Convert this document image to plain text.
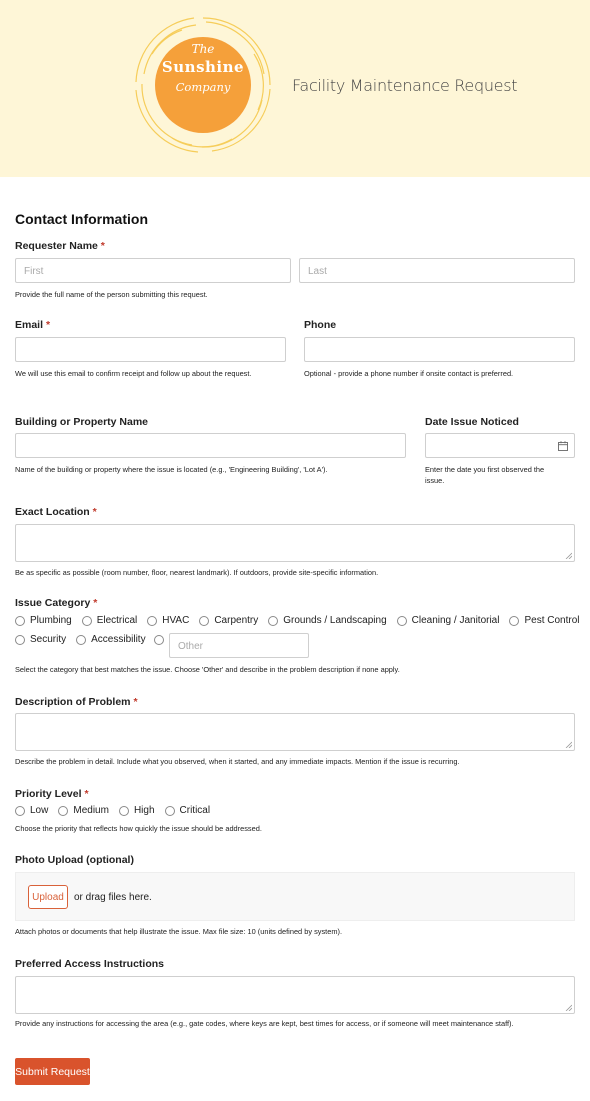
The
Sunshine
Company	Facility Maintenance Request
Contact Information
Requester Name *
First	Last
Provide the full name of the person submitting this request.
Email *
We will use this email to confirm receipt and follow up about the request.
Phone
Optional - provide a phone number if onsite contact is preferred.
Building or Property Name
Name of the building or property where the issue is located (e.g., 'Engineering Building', 'Lot A').
Date Issue Noticed
Enter the date you first observed the
issue.
Exact Location *
Be as specific as possible (room number, floor, nearest landmark). If outdoors, provide site-specific information.
Issue Category *
Plumbing	Electrical	HVAC	Carpentry	Grounds / Landscaping	Cleaning / Janitorial	Pest Control
Security	Accessibility
Other
Select the category that best matches the issue. Choose 'Other' and describe in the problem description if none apply.
Description of Problem *
Describe the problem in detail. Include what you observed, when it started, and any immediate impacts. Mention if the issue is recurring.
Priority Level *
Low	Medium	High	Critical
Choose the priority that reflects how quickly the issue should be addressed.
Photo Upload (optional)
Upload	or drag files here.
Attach photos or documents that help illustrate the issue. Max file size: 10 (units defined by system).
Preferred Access Instructions
Provide any instructions for accessing the area (e.g., gate codes, where keys are kept, best times for access, or if someone will meet maintenance staff).
Submit Request
